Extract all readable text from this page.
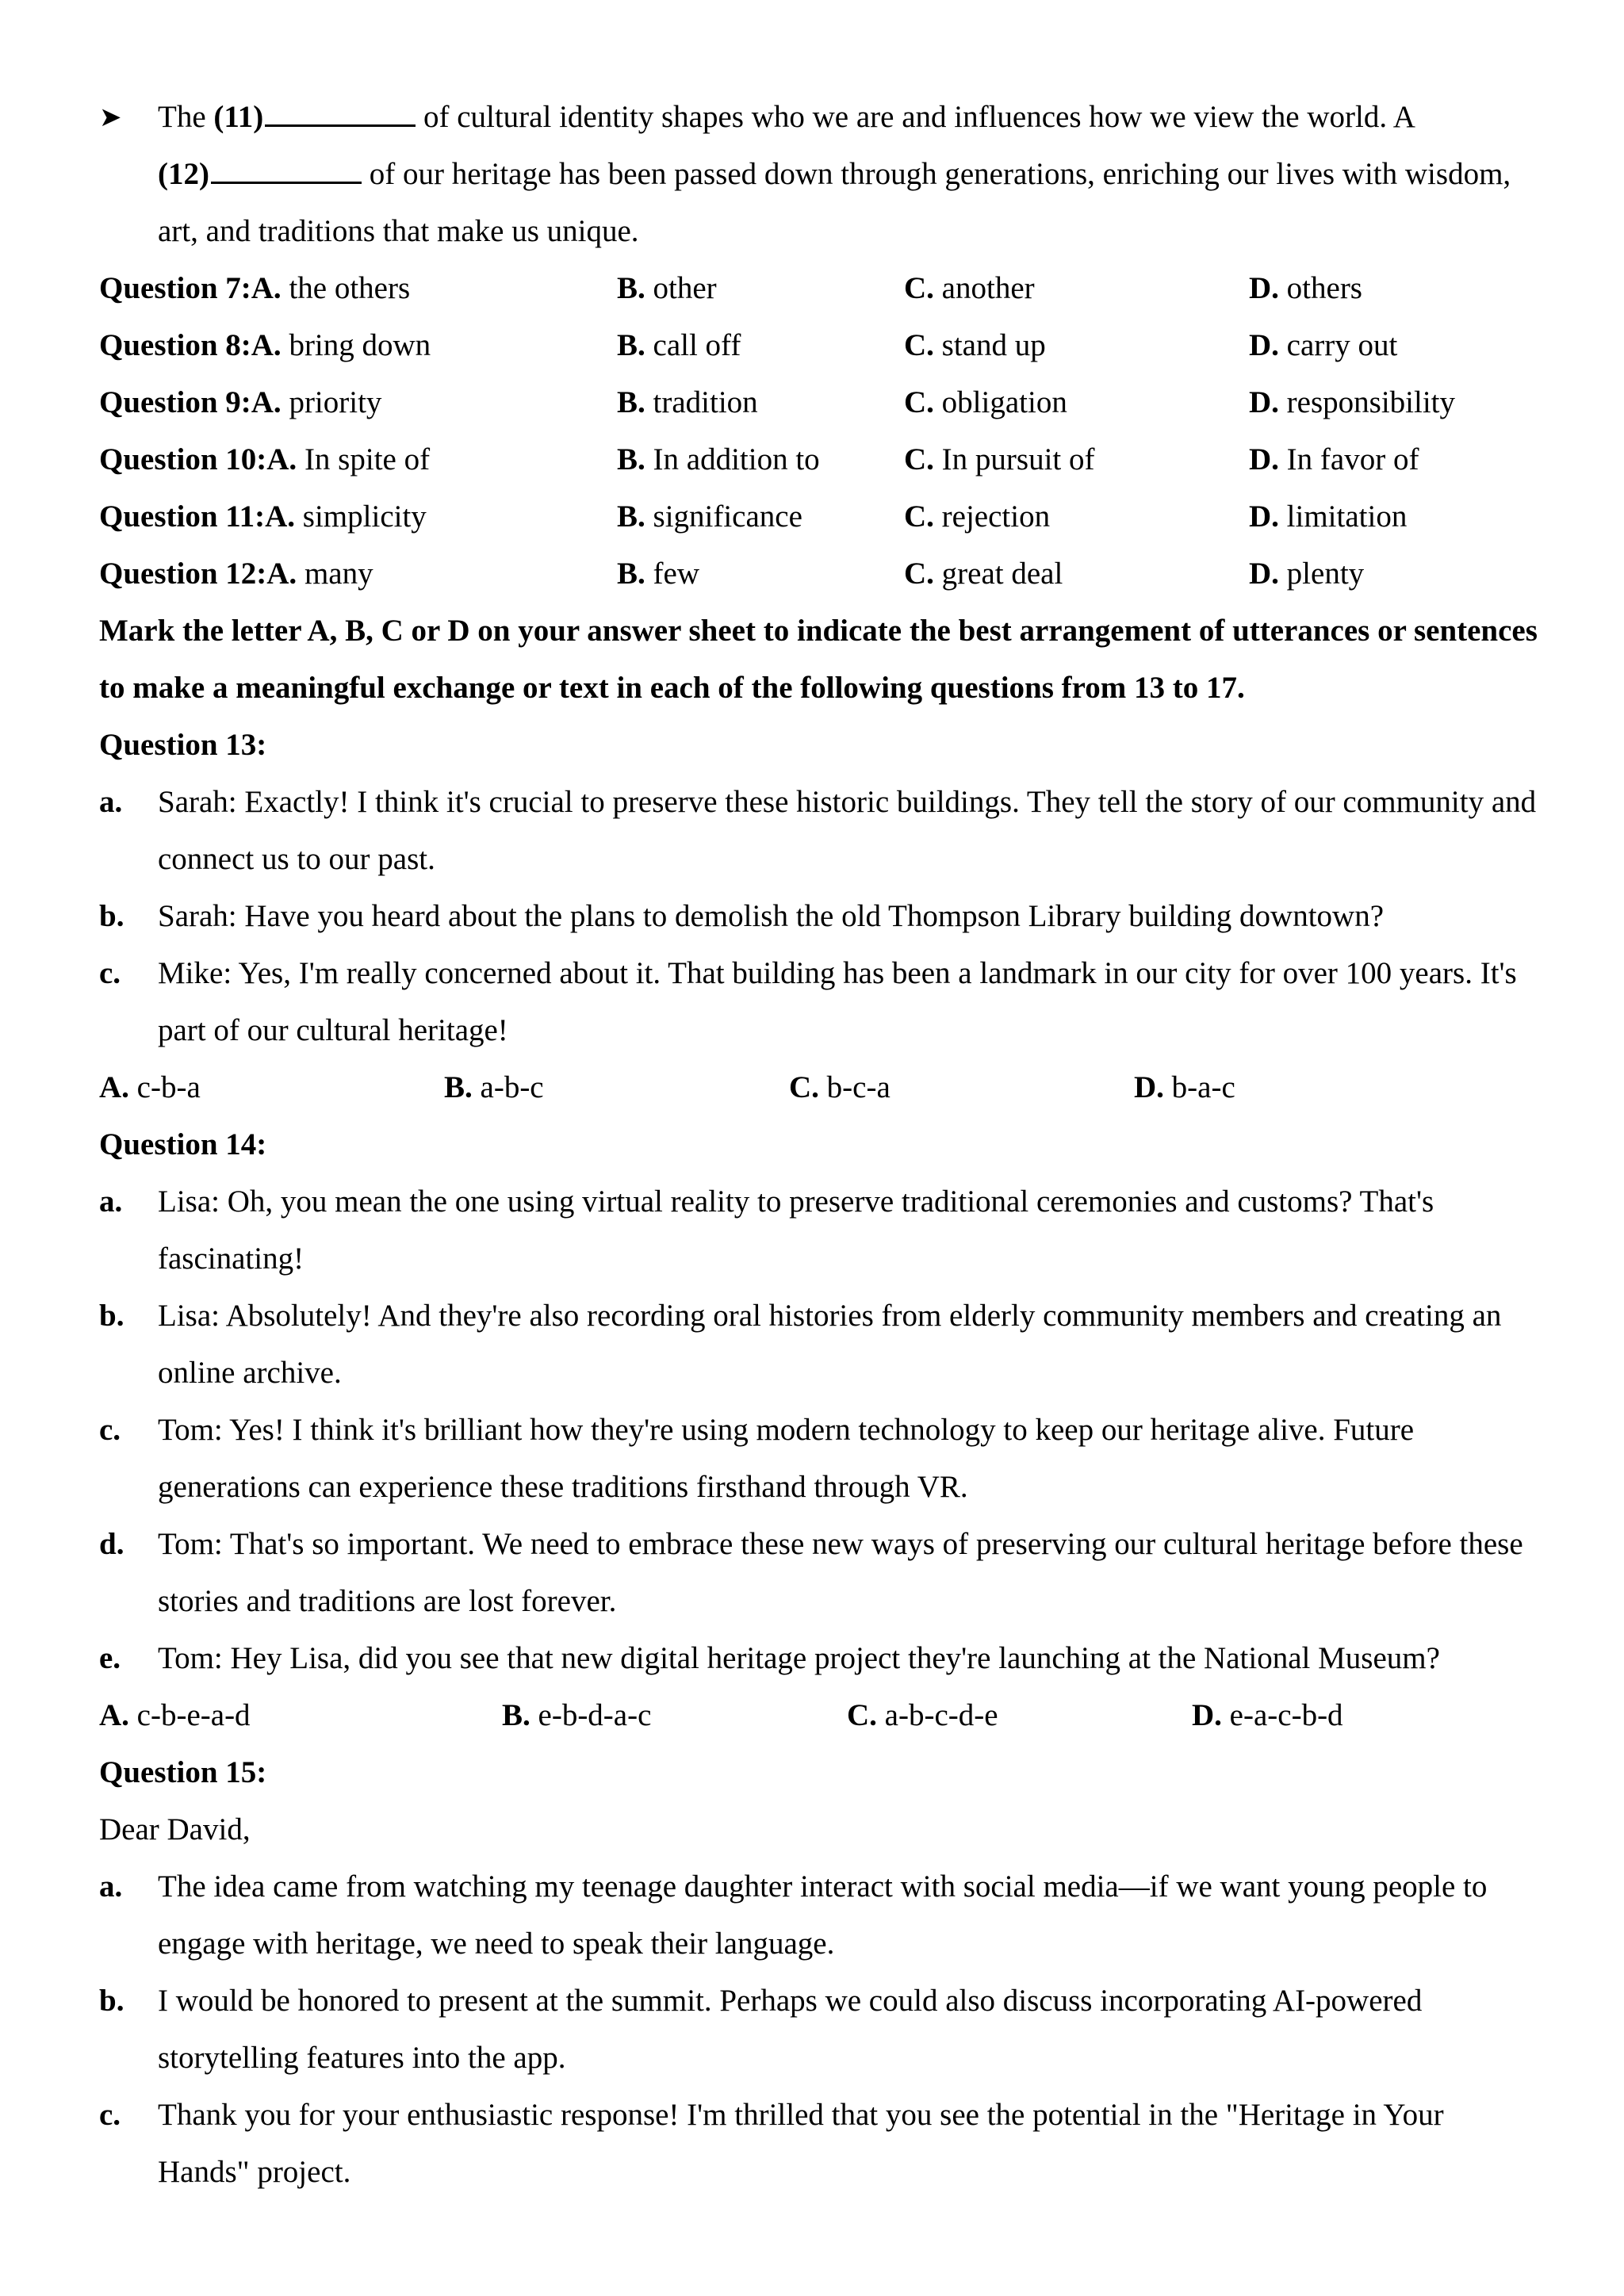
➤ The (11)	of cultural identity shapes who we are and influences how we view the world. A
(12)	of our heritage has been passed down through generations, enriching our lives with wisdom, art, and traditions that make us unique.
Question 7:A. the others	B. other	C. another	D. others
Question 8:A. bring down	B. call off	C. stand up	D. carry out
Question 9:A. priority	B. tradition	C. obligation	D. responsibility
Question 10:A. In spite of	B. In addition to	C. In pursuit of	D. In favor of
Question 11:A. simplicity	B. significance	C. rejection	D. limitation
Question 12:A. many	B. few	C. great deal	D. plenty
Mark the letter A, B, C or D on your answer sheet to indicate the best arrangement of utterances or sentences to make a meaningful exchange or text in each of the following questions from 13 to 17.
Question 13:
a. Sarah: Exactly! I think it's crucial to preserve these historic buildings. They tell the story of our community and connect us to our past.
b. Sarah: Have you heard about the plans to demolish the old Thompson Library building downtown?
c. Mike: Yes, I'm really concerned about it. That building has been a landmark in our city for over 100 years. It's part of our cultural heritage!
A. c-b-a	B. a-b-c	C. b-c-a	D. b-a-c
Question 14:
a. Lisa: Oh, you mean the one using virtual reality to preserve traditional ceremonies and customs? That's fascinating!
b. Lisa: Absolutely! And they're also recording oral histories from elderly community members and creating an online archive.
c. Tom: Yes! I think it's brilliant how they're using modern technology to keep our heritage alive. Future generations can experience these traditions firsthand through VR.
d. Tom: That's so important. We need to embrace these new ways of preserving our cultural heritage before these stories and traditions are lost forever.
e. Tom: Hey Lisa, did you see that new digital heritage project they're launching at the National Museum?
A. c-b-e-a-d	B. e-b-d-a-c	C. a-b-c-d-e	D. e-a-c-b-d
Question 15:
Dear David,
a. The idea came from watching my teenage daughter interact with social media—if we want young people to engage with heritage, we need to speak their language.
b. I would be honored to present at the summit. Perhaps we could also discuss incorporating AI-powered storytelling features into the app.
c. Thank you for your enthusiastic response! I'm thrilled that you see the potential in the "Heritage in Your Hands" project.
